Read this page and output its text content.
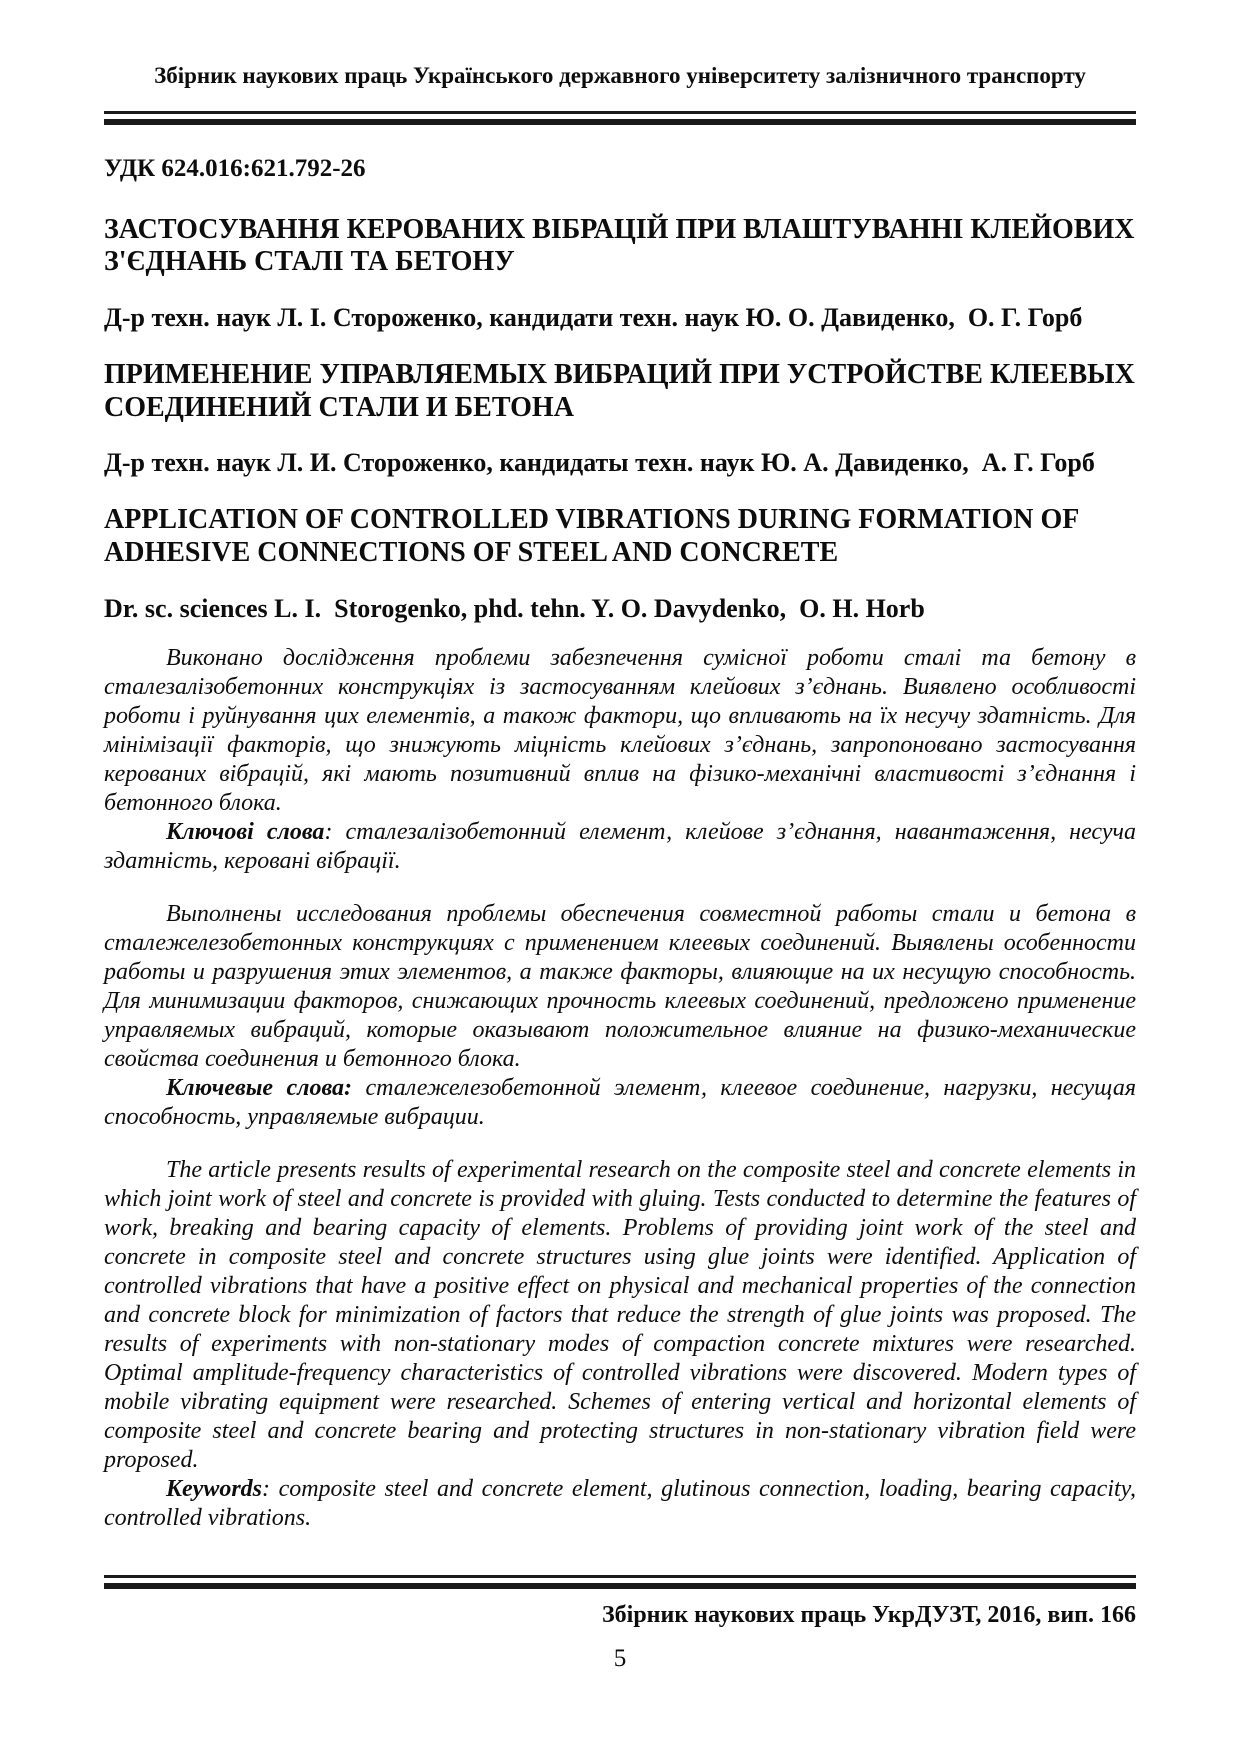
Збірник наукових праць Українського державного університету залізничного транспорту
УДК 624.016:621.792-26
ЗАСТОСУВАННЯ КЕРОВАНИХ ВІБРАЦІЙ ПРИ ВЛАШТУВАННІ КЛЕЙОВИХ З'ЄДНАНЬ СТАЛІ ТА БЕТОНУ
Д-р техн. наук Л. І. Стороженко, кандидати техн. наук Ю. О. Давиденко,  О. Г. Горб
ПРИМЕНЕНИЕ УПРАВЛЯЕМЫХ ВИБРАЦИЙ ПРИ УСТРОЙСТВЕ КЛЕЕВЫХ СОЕДИНЕНИЙ СТАЛИ И БЕТОНА
Д-р техн. наук Л. И. Стороженко, кандидаты техн. наук Ю. А. Давиденко,  А. Г. Горб
APPLICATION OF CONTROLLED VIBRATIONS DURING FORMATION OF ADHESIVE CONNECTIONS OF STEEL AND CONCRETE
Dr. sc. sciences L. I.  Storogenko, phd. tehn. Y. O. Davydenko,  O. H. Horb

Виконано дослідження проблеми забезпечення сумісної роботи сталі та бетону в сталезалізобетонних конструкціях із застосуванням клейових з’єднань. Виявлено особливості роботи і руйнування цих елементів, а також фактори, що впливають на їх несучу здатність. Для мінімізації факторів, що знижують міцність клейових з’єднань, запропоновано застосування керованих вібрацій, які мають позитивний вплив на фізико-механічні властивості з’єднання і бетонного блока.

Ключові слова: сталезалізобетонний елемент, клейове з’єднання, навантаження, несуча здатність, керовані вібрації.

Выполнены исследования проблемы обеспечения совместной работы стали и бетона в сталежелезобетонных конструкциях с применением клеевых соединений. Выявлены особенности работы и разрушения этих элементов, а также факторы, влияющие на их несущую способность. Для минимизации факторов, снижающих прочность клеевых соединений, предложено применение управляемых вибраций, которые оказывают положительное влияние на физико-механические свойства соединения и бетонного блока.

Ключевые слова: сталежелезобетонной элемент, клеевое соединение, нагрузки, несущая способность, управляемые вибрации.

The article presents results of experimental research on the composite steel and concrete elements in which joint work of steel and concrete is provided with gluing. Tests conducted to determine the features of work, breaking and bearing capacity of elements. Problems of providing joint work of the steel and concrete in composite steel and concrete structures using glue joints were identified. Application of controlled vibrations that have a positive effect on physical and mechanical properties of the connection and concrete block for minimization of factors that reduce the strength of glue joints was proposed. The results of experiments with non-stationary modes of compaction concrete mixtures were researched. Optimal amplitude-frequency characteristics of controlled vibrations were discovered. Modern types of mobile vibrating equipment were researched. Schemes of entering vertical and horizontal elements of composite steel and concrete bearing and protecting structures in non-stationary vibration field were proposed.

Keywords: composite steel and concrete element, glutinous connection, loading, bearing capacity, controlled vibrations.

Збірник наукових праць УкрДУЗТ, 2016, вип. 166
5
